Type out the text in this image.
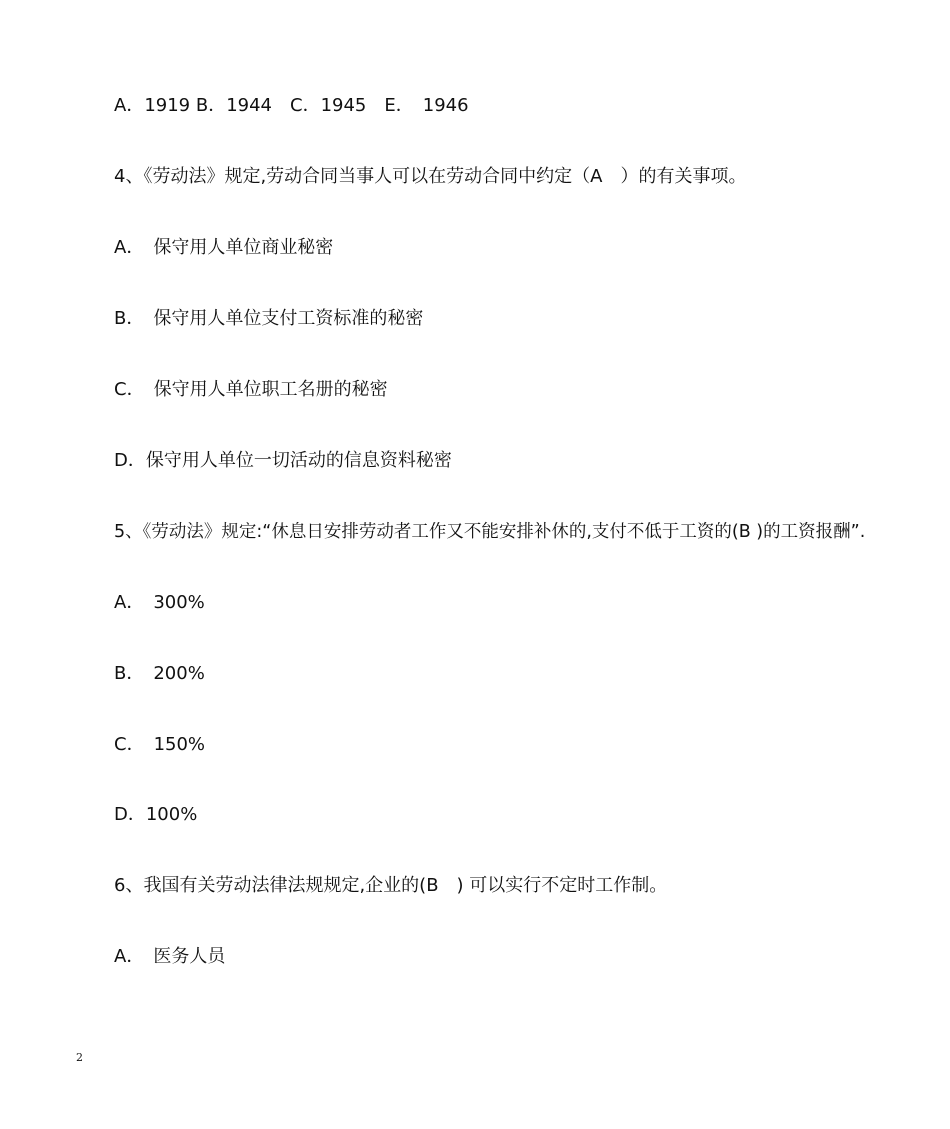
A．1919 B．1944　C．1945　E．　1946
4、《劳动法》规定,劳动合同当事人可以在劳动合同中约定（A　）的有关事项。
A．　保守用人单位商业秘密
B．　保守用人单位支付工资标准的秘密
C．　保守用人单位职工名册的秘密
D．保守用人单位一切活动的信息资料秘密
5、《劳动法》规定:“休息日安排劳动者工作又不能安排补休的,支付不低于工资的(B )的工资报酬”.
A．　300%
B．　200%
C．　150%
D．100%
6、我国有关劳动法律法规规定,企业的(B　) 可以实行不定时工作制。
A．　医务人员
2
